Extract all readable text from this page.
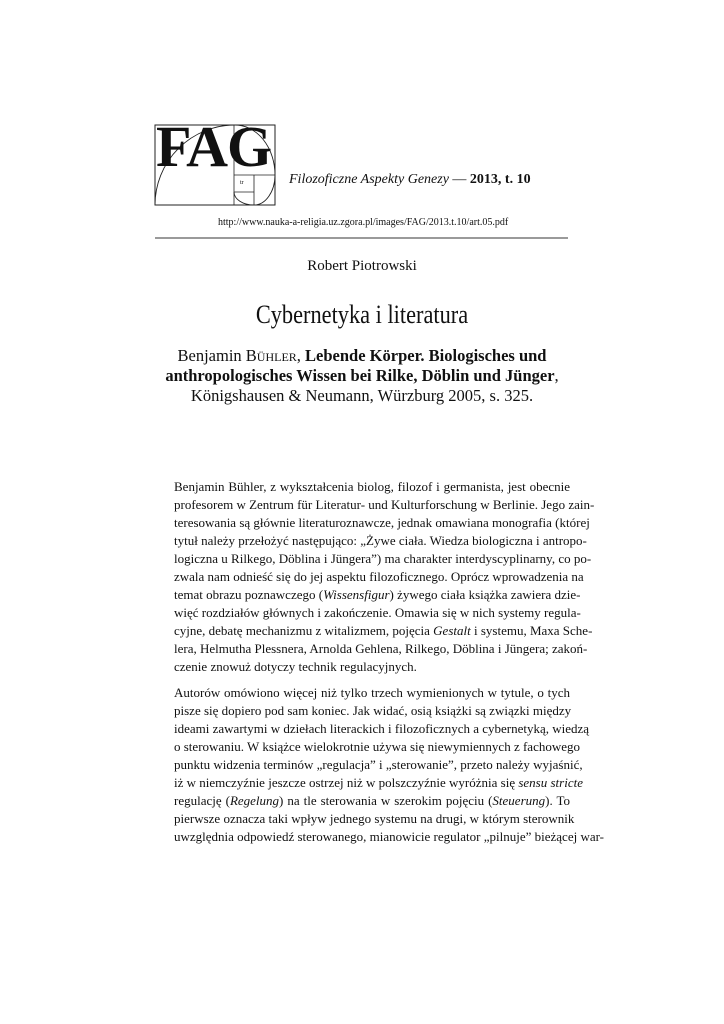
FAG
tr	Filozoficzne Aspekty Genezy — 2013, t. 10
http://www.nauka-a-religia.uz.zgora.pl/images/FAG/2013.t.10/art.05.pdf
Robert Piotrowski
Cybernetyka i literatura
Benjamin Bühler, Lebende Körper. Biologisches und
anthropologisches Wissen bei Rilke, Döblin und Jünger,
Königshausen & Neumann, Würzburg 2005, s. 325.

Benjamin Bühler, z wykształcenia biolog, filozof i germanista, jest obecnie
profesorem w Zentrum für Literatur- und Kulturforschung w Berlinie. Jego zain-
teresowania są głównie literaturoznawcze, jednak omawiana monografia (której
tytuł należy przełożyć następująco: „Żywe ciała. Wiedza biologiczna i antropo-
logiczna u Rilkego, Döblina i Jüngera”) ma charakter interdyscyplinarny, co po-
zwala nam odnieść się do jej aspektu filozoficznego. Oprócz wprowadzenia na
temat obrazu poznawczego (Wissensfigur) żywego ciała książka zawiera dzie-
więć rozdziałów głównych i zakończenie. Omawia się w nich systemy regula-
cyjne, debatę mechanizmu z witalizmem, pojęcia Gestalt i systemu, Maxa Sche-
lera, Helmutha Plessnera, Arnolda Gehlena, Rilkego, Döblina i Jüngera; zakoń-
czenie znowuż dotyczy technik regulacyjnych.

Autorów omówiono więcej niż tylko trzech wymienionych w tytule, o tych
pisze się dopiero pod sam koniec. Jak widać, osią książki są związki między
ideami zawartymi w dziełach literackich i filozoficznych a cybernetyką, wiedzą
o sterowaniu. W książce wielokrotnie używa się niewymiennych z fachowego
punktu widzenia terminów „regulacja” i „sterowanie”, przeto należy wyjaśnić,
iż w niemczyźnie jeszcze ostrzej niż w polszczyźnie wyróżnia się sensu stricte
regulację (Regelung) na tle sterowania w szerokim pojęciu (Steuerung). To
pierwsze oznacza taki wpływ jednego systemu na drugi, w którym sterownik
uwzględnia odpowiedź sterowanego, mianowicie regulator „pilnuje” bieżącej war-
